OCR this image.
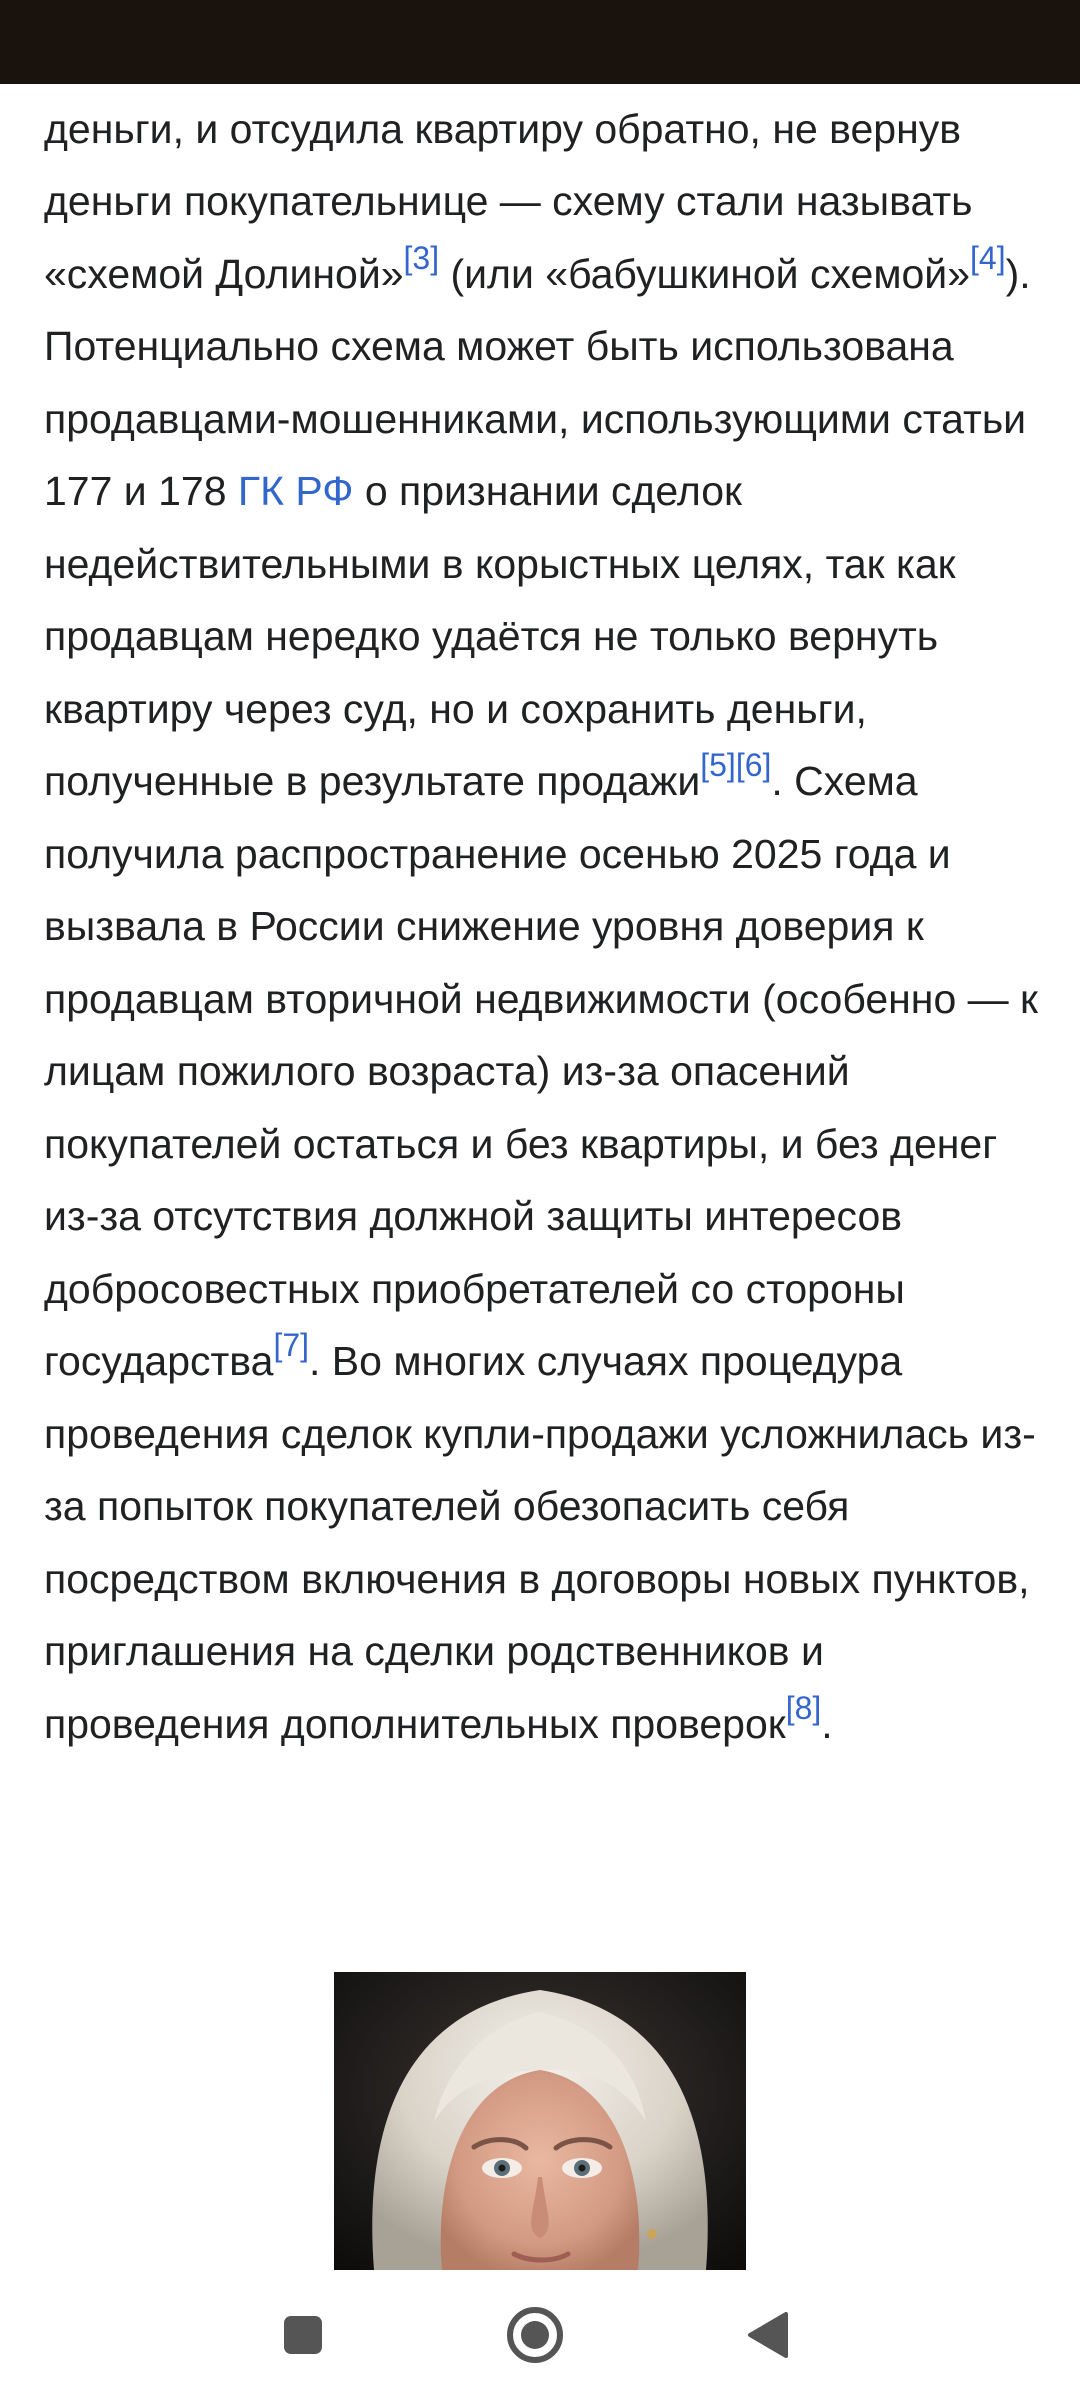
деньги, и отсудила квартиру обратно, не вернув деньги покупательнице — схему стали называть «схемой Долиной»[3] (или «бабушкиной схемой»[4]). Потенциально схема может быть использована продавцами-мошенниками, использующими статьи 177 и 178 ГК РФ о признании сделок недействительными в корыстных целях, так как продавцам нередко удаётся не только вернуть квартиру через суд, но и сохранить деньги, полученные в результате продажи[5][6]. Схема получила распространение осенью 2025 года и вызвала в России снижение уровня доверия к продавцам вторичной недвижимости (особенно — к лицам пожилого возраста) из-за опасений покупателей остаться и без квартиры, и без денег из-за отсутствия должной защиты интересов добросовестных приобретателей со стороны государства[7]. Во многих случаях процедура проведения сделок купли-продажи усложнилась из-за попыток покупателей обезопасить себя посредством включения в договоры новых пунктов, приглашения на сделки родственников и проведения дополнительных проверок[8].
